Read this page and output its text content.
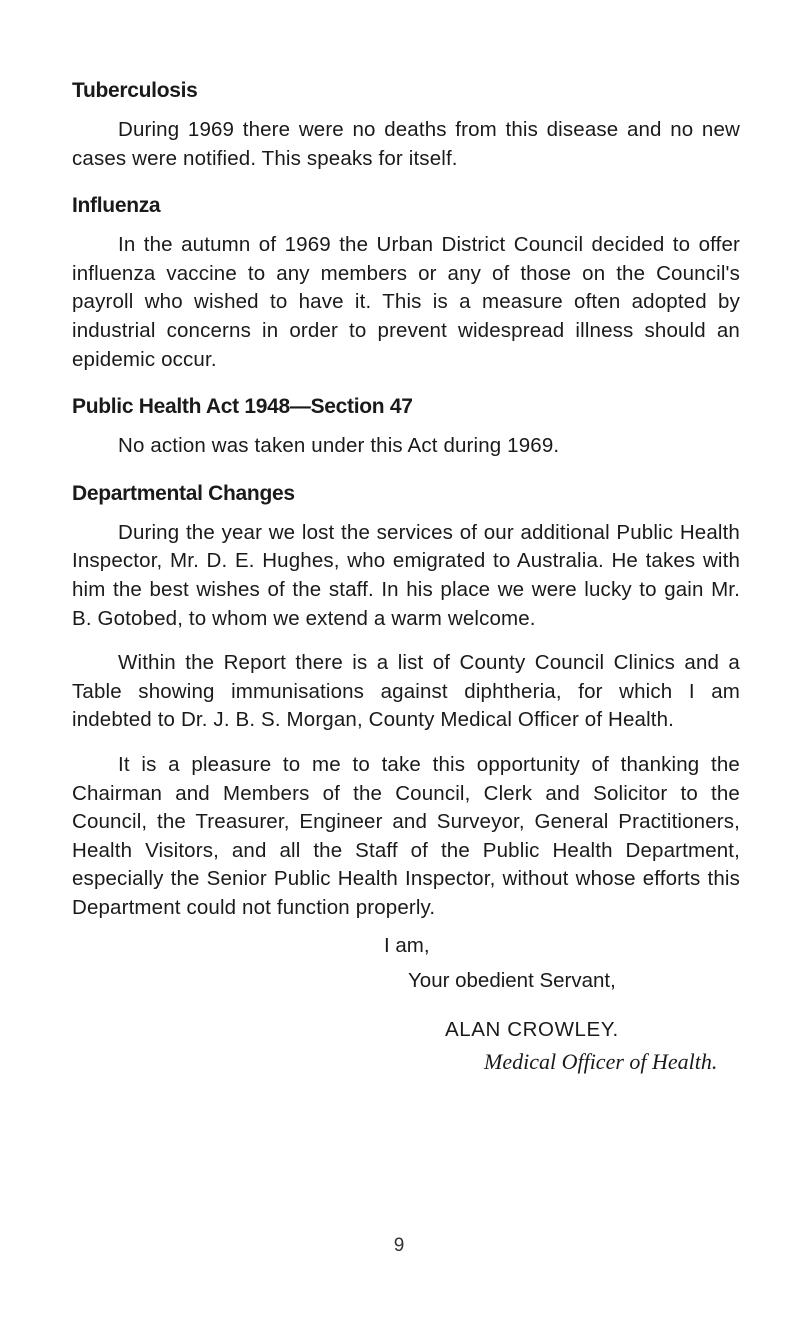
Tuberculosis

During 1969 there were no deaths from this disease and no new cases were notified. This speaks for itself.

Influenza

In the autumn of 1969 the Urban District Council decided to offer influenza vaccine to any members or any of those on the Council's payroll who wished to have it. This is a measure often adopted by industrial concerns in order to prevent widespread illness should an epidemic occur.

Public Health Act 1948—Section 47

No action was taken under this Act during 1969.

Departmental Changes

During the year we lost the services of our additional Public Health Inspector, Mr. D. E. Hughes, who emigrated to Australia. He takes with him the best wishes of the staff. In his place we were lucky to gain Mr. B. Gotobed, to whom we extend a warm welcome.

Within the Report there is a list of County Council Clinics and a Table showing immunisations against diphtheria, for which I am indebted to Dr. J. B. S. Morgan, County Medical Officer of Health.

It is a pleasure to me to take this opportunity of thanking the Chairman and Members of the Council, Clerk and Solicitor to the Council, the Treasurer, Engineer and Surveyor, General Practitioners, Health Visitors, and all the Staff of the Public Health Department, especially the Senior Public Health Inspector, without whose efforts this Department could not function properly.

I am,
Your obedient Servant,
ALAN CROWLEY.
Medical Officer of Health.
9
